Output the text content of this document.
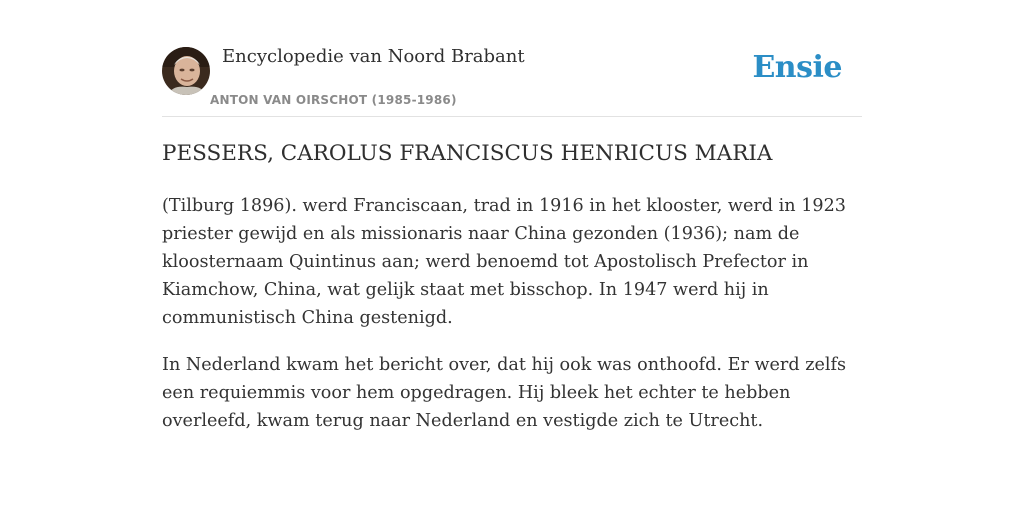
Encyclopedie van Noord Brabant
ANTON VAN OIRSCHOT (1985-1986)
Ensie
PESSERS, CAROLUS FRANCISCUS HENRICUS MARIA

(Tilburg 1896). werd Franciscaan, trad in 1916 in het klooster, werd in 1923 priester gewijd en als missionaris naar China gezonden (1936); nam de kloosternaam Quintinus aan; werd benoemd tot Apostolisch Prefector in Kiamchow, China, wat gelijk staat met bisschop. In 1947 werd hij in communistisch China gestenigd.

In Nederland kwam het bericht over, dat hij ook was onthoofd. Er werd zelfs een requiemmis voor hem opgedragen. Hij bleek het echter te hebben overleefd, kwam terug naar Nederland en vestigde zich te Utrecht.
